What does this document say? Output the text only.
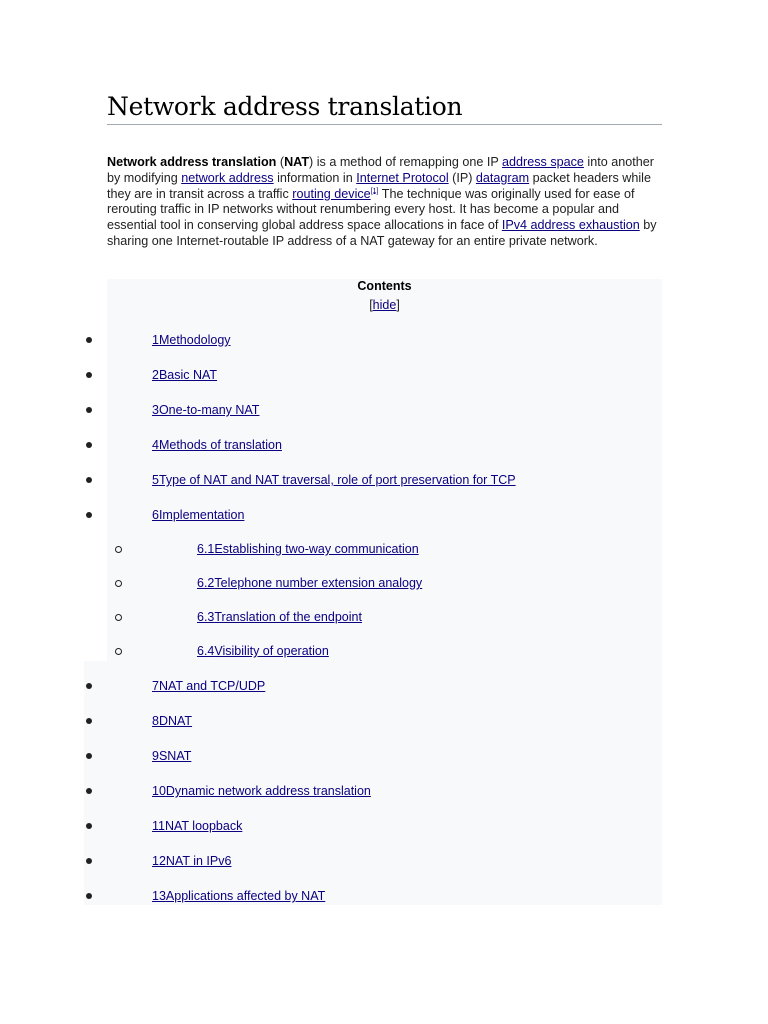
Network address translation
Network address translation (NAT) is a method of remapping one IP address space into another by modifying network address information in Internet Protocol (IP) datagram packet headers while they are in transit across a traffic routing device[1] The technique was originally used for ease of rerouting traffic in IP networks without renumbering every host. It has become a popular and essential tool in conserving global address space allocations in face of IPv4 address exhaustion by sharing one Internet-routable IP address of a NAT gateway for an entire private network.
Contents
[hide]
1Methodology
2Basic NAT
3One-to-many NAT
4Methods of translation
5Type of NAT and NAT traversal, role of port preservation for TCP
6Implementation
6.1Establishing two-way communication
6.2Telephone number extension analogy
6.3Translation of the endpoint
6.4Visibility of operation
7NAT and TCP/UDP
8DNAT
9SNAT
10Dynamic network address translation
11NAT loopback
12NAT in IPv6
13Applications affected by NAT
